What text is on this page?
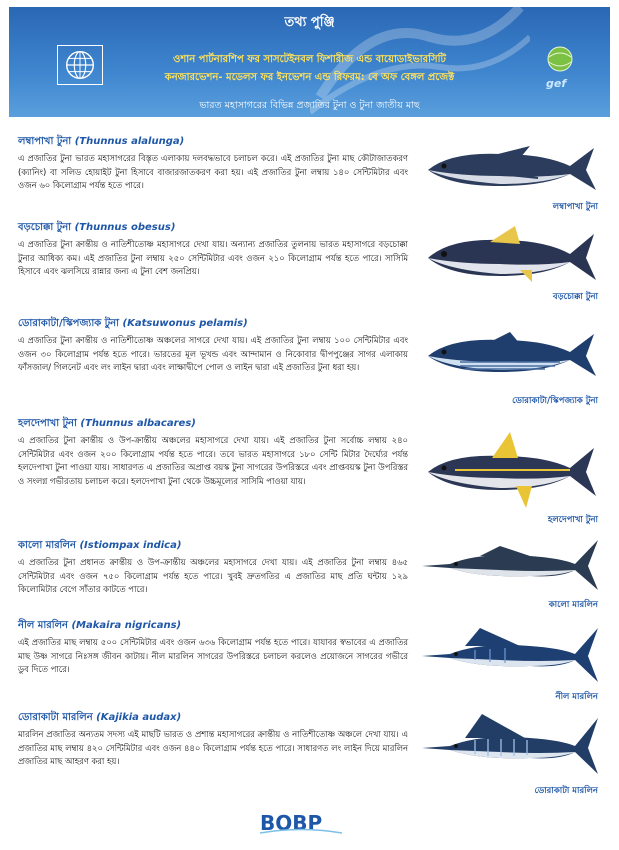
তথ্য পুঞ্জি
ওশান পার্টনারশিপ ফর সাসটেইনবল ফিশারীজ এন্ড বায়োডাইভারসিটি
কনজারভেশন- মডেলস ফর ইনভেশন এন্ড রিফরম: বে অফ বেঙ্গল প্রজেক্ট
ভারত মহাসাগরের বিভিন্ন প্রজাতির টুনা ও টুনা জাতীয় মাছ
gef
লম্বাপাখা টুনা (Thunnus alalunga)

এ প্রজাতির টুনা ভারত মহাসাগরের বিস্তৃত এলাকায় দলবদ্ধভাবে চলাচল করে। এই প্রজাতির টুনা মাছ কৌটাজাতকরণ (ক্যানিং) বা সলিড হোয়াইট টুনা হিসাবে বাজারজাতকরণ করা হয়। এই প্রজাতির টুনা লম্বায় ১৪০ সেন্টিমিটার এবং ওজন ৬০ কিলোগ্রাম পর্যন্ত হতে পারে।

লম্বাপাখা টুনা
বড়চোক্কা টুনা (Thunnus obesus)

এ প্রজাতির টুনা ক্রান্তীয় ও নাতিশীতোষ্ণ মহাসাগরে দেখা যায়। অন্যান্য প্রজাতির তুলনায় ভারত মহাসাগরে বড়চোক্কা টুনার আধিক্য কম। এই প্রজাতির টুনা লম্বায় ২৫০ সেন্টিমিটার এবং ওজন ২১০ কিলোগ্রাম পর্যন্ত হতে পারে। সাসিমি হিসাবে এবং ঝলসিয়ে রান্নার জন্য এ টুনা বেশ জনপ্রিয়।

বড়চোক্কা টুনা
ডোরাকাটা/স্কিপজ্যাক টুনা (Katsuwonus pelamis)

এ প্রজাতির টুনা ক্রান্তীয় ও নাতিশীতোষ্ণ অঞ্চলের সাগরে দেখা যায়। এই প্রজাতির টুনা লম্বায় ১০০ সেন্টিমিটার এবং ওজন ৩০ কিলোগ্রাম পর্যন্ত হতে পারে। ভারতের মূল ভূখন্ড এবং আন্দামান ও নিকোবার দ্বীপপুঞ্জের সাগর এলাকায় ফাঁসজাল/ গিলনেট এবং লং লাইন দ্বারা এবং লাক্ষাদ্বীপে পোল ও লাইন দ্বারা এই প্রজাতির টুনা ধরা হয়।

ডোরাকাটা/স্কিপজ্যাক টুনা
হলদেপাখা টুনা (Thunnus albacares)

এ প্রজাতির টুনা ক্রান্তীয় ও উপ-ক্রান্তীয় অঞ্চলের মহাসাগরে দেখা যায়। এই প্রজাতির টুনা সর্বোচ্চ লম্বায় ২৪০ সেন্টিমিটার এবং ওজন ২০০ কিলোগ্রাম পর্যন্ত হতে পারে। তবে ভারত মহাসাগরে ১৮০ সেন্টি মিটার দৈর্ঘ্যের পর্যন্ত হলদেপাখা টুনা পাওয়া যায়। সাধারণত এ প্রজাতির অপ্রাপ্ত বয়স্ক টুনা সাগরের উপরিস্তরে এবং প্রাপ্তবয়স্ক টুনা উপরিস্তর ও সংলগ্ন গভীরতায় চলাচল করে। হলদেপাখা টুনা থেকে উচ্চমূল্যের সাসিমি পাওয়া যায়।

হলদেপাখা টুনা
কালো মারলিন (Istiompax indica)

এ প্রজাতির টুনা প্রধানত ক্রান্তীয় ও উপ-ক্রান্তীয় অঞ্চলের মহাসাগরে দেখা যায়। এই প্রজাতির টুনা লম্বায় ৪৬৫ সেন্টিমিটার এবং ওজন ৭৫০ কিলোগ্রাম পর্যন্ত হতে পারে। খুবই দ্রুতগতির এ প্রজাতির মাছ প্রতি ঘন্টায় ১২৯ কিলোমিটার বেগে সাঁতার কাটতে পারে।

কালো মারলিন
নীল মারলিন (Makaira nigricans)

এই প্রজাতির মাছ লম্বায় ৫০০ সেন্টিমিটার এবং ওজন ৬৩৬ কিলোগ্রাম পর্যন্ত হতে পারে। যাযাবর স্বভাবের এ প্রজাতির মাছ উষ্ণ সাগরে নিঃসঙ্গ জীবন কাটায়। নীল মারলিন সাগরের উপরিস্তরে চলাচল করলেও প্রয়োজনে সাগরের গভীরে ডুব দিতে পারে।

নীল মারলিন
ডোরাকাটা মারলিন (Kajikia audax)

মারলিন প্রজাতির অন্যতম সদস্য এই মাছটি ভারত ও প্রশান্ত মহাসাগরের ক্রান্তীয় ও নাতিশীতোষ্ণ অঞ্চলে দেখা যায়। এ প্রজাতির মাছ লম্বায় ৪২০ সেন্টিমিটার এবং ওজন ৪৪০ কিলোগ্রাম পর্যন্ত হতে পারে। সাধারণত লং লাইন দিয়ে মারলিন প্রজাতির মাছ আহরণ করা হয়।

ডোরাকাটা মারলিন
BOBP
